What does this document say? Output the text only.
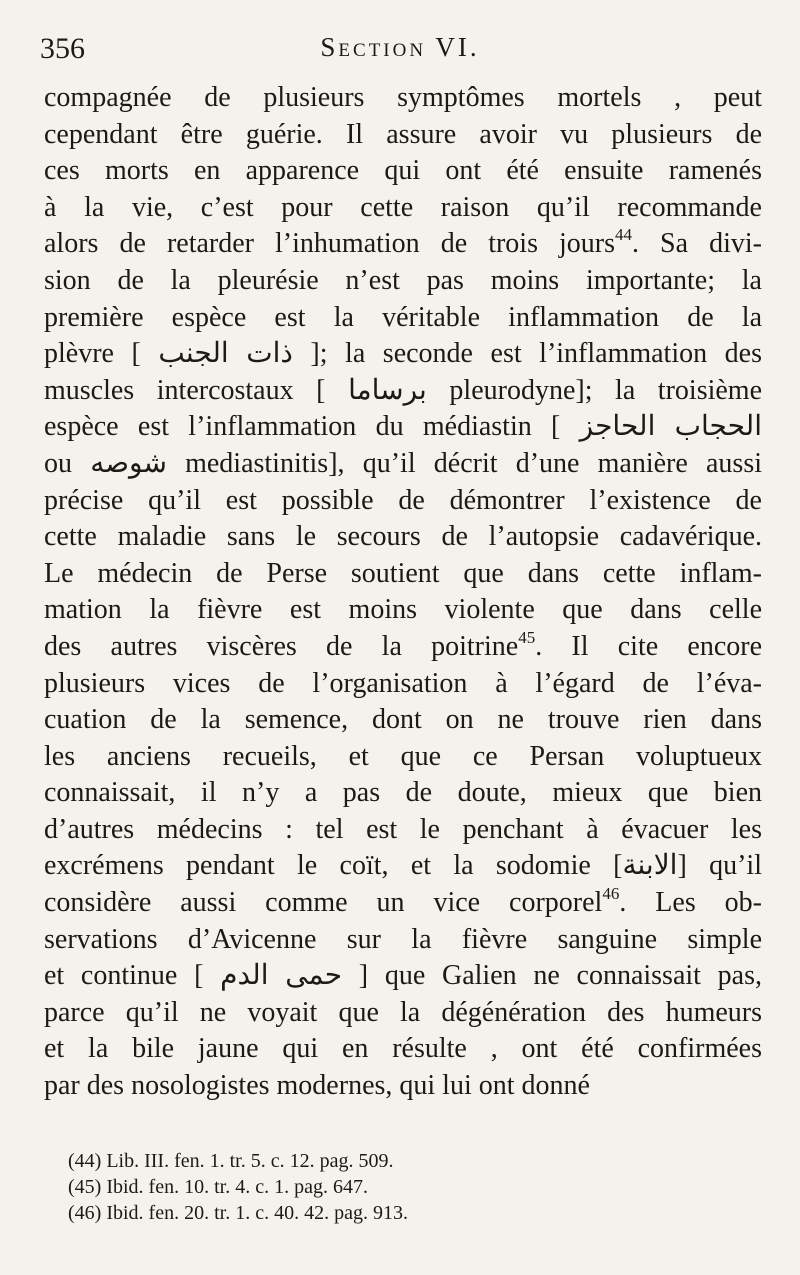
356	Section VI.
compagnée de plusieurs symptômes mortels , peut
cependant être guérie. Il assure avoir vu plusieurs de
ces morts en apparence qui ont été ensuite ramenés
à la vie, c’est pour cette raison qu’il recommande
alors de retarder l’inhumation de trois jours$^{44}$. Sa divi-
sion de la pleurésie n’est pas moins importante; la
première espèce est la véritable inflammation de la
plèvre [ ذات الجنب ]; la seconde est l’inflammation des
muscles intercostaux [ برساما pleurodyne]; la troisième
espèce est l’inflammation du médiastin [ الحجاب الحاجز
ou شوصه mediastinitis], qu’il décrit d’une manière aussi
précise qu’il est possible de démontrer l’existence de
cette maladie sans le secours de l’autopsie cadavérique.
Le médecin de Perse soutient que dans cette inflam-
mation la fièvre est moins violente que dans celle
des autres viscères de la poitrine$^{45}$. Il cite encore
plusieurs vices de l’organisation à l’égard de l’éva-
cuation de la semence, dont on ne trouve rien dans
les anciens recueils, et que ce Persan voluptueux
connaissait, il n’y a pas de doute, mieux que bien
d’autres médecins : tel est le penchant à évacuer les
excrémens pendant le coït, et la sodomie [الابنة] qu’il
considère aussi comme un vice corporel$^{46}$. Les ob-
servations d’Avicenne sur la fièvre sanguine simple
et continue [ حمى الدم ] que Galien ne connaissait pas,
parce qu’il ne voyait que la dégénération des humeurs
et la bile jaune qui en résulte , ont été confirmées
par des nosologistes modernes, qui lui ont donné
(44) Lib. III. fen. 1. tr. 5. c. 12. pag. 509.
(45) Ibid. fen. 10. tr. 4. c. 1. pag. 647.
(46) Ibid. fen. 20. tr. 1. c. 40. 42. pag. 913.
